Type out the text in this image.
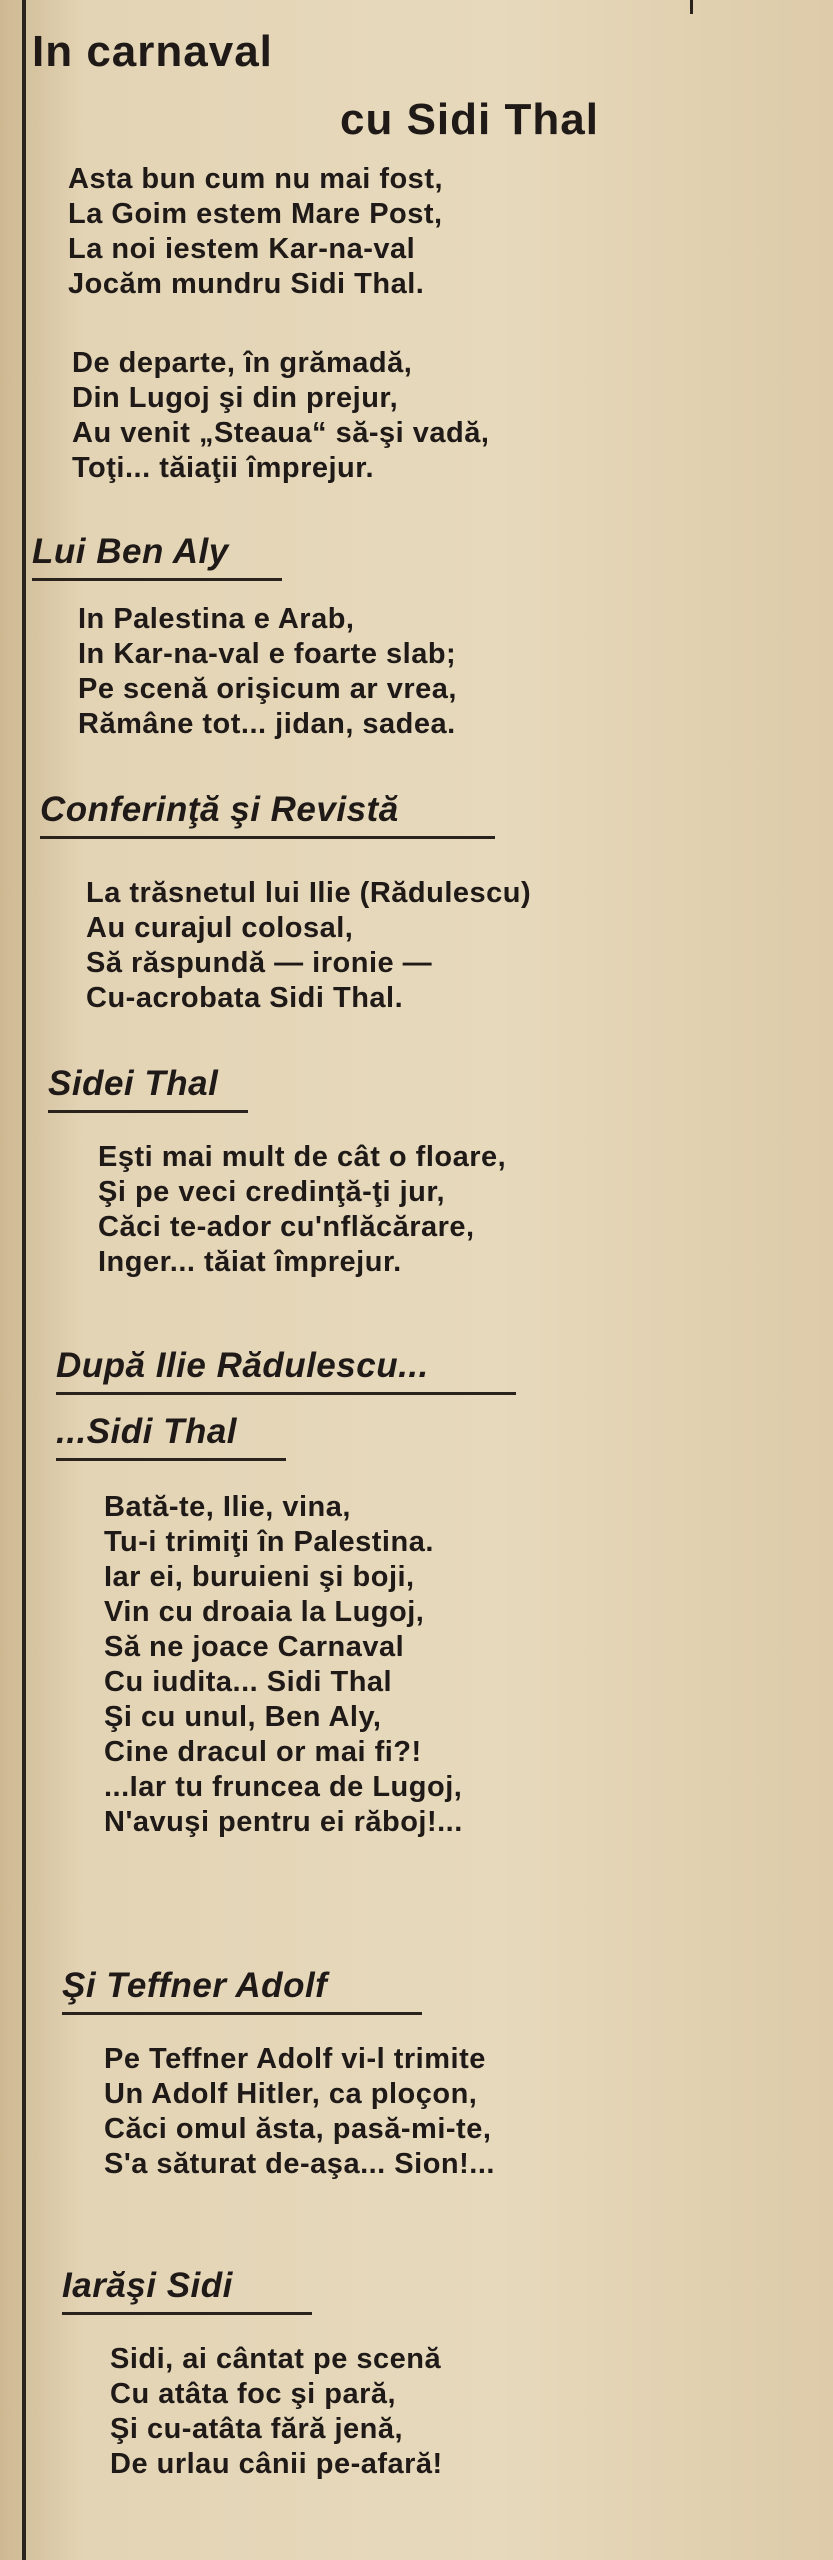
In carnaval
cu Sidi Thal
Asta bun cum nu mai fost,
La Goim estem Mare Post,
La noi iestem Kar-na-val
Jocăm mundru Sidi Thal.
De departe, în grămadă,
Din Lugoj şi din prejur,
Au venit „Steaua“ să-şi vadă,
Toţi... tăiaţii împrejur.
Lui Ben Aly
In Palestina e Arab,
In Kar-na-val e foarte slab;
Pe scenă orişicum ar vrea,
Rămâne tot... jidan, sadea.
Conferinţă şi Revistă
La trăsnetul lui Ilie (Rădulescu)
Au curajul colosal,
Să răspundă — ironie —
Cu-acrobata Sidi Thal.
Sidei Thal
Eşti mai mult de cât o floare,
Şi pe veci credinţă-ţi jur,
Căci te-ador cu'nflăcărare,
Inger... tăiat împrejur.
După Ilie Rădulescu...
...Sidi Thal
Bată-te, Ilie, vina,
Tu-i trimiţi în Palestina.
Iar ei, buruieni şi boji,
Vin cu droaia la Lugoj,
Să ne joace Carnaval
Cu iudita... Sidi Thal
Şi cu unul, Ben Aly,
Cine dracul or mai fi?!
...Iar tu fruncea de Lugoj,
N'avuşi pentru ei răboj!...
Şi Teffner Adolf
Pe Teffner Adolf vi-l trimite
Un Adolf Hitler, ca ploçon,
Căci omul ăsta, pasă-mi-te,
S'a săturat de-aşa... Sion!...
Iarăşi Sidi
Sidi, ai cântat pe scenă
Cu atâta foc şi pară,
Şi cu-atâta fără jenă,
De urlau cânii pe-afară!
